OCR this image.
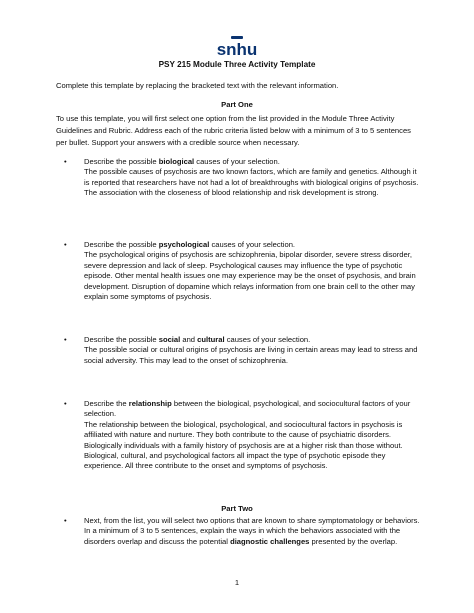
snhu
PSY 215 Module Three Activity Template
Complete this template by replacing the bracketed text with the relevant information.
Part One
To use this template, you will first select one option from the list provided in the Module Three Activity Guidelines and Rubric. Address each of the rubric criteria listed below with a minimum of 3 to 5 sentences per bullet. Support your answers with a credible source when necessary.
• Describe the possible biological causes of your selection.

The possible causes of psychosis are two known factors, which are family and genetics. Although it is reported that researchers have not had a lot of breakthroughs with biological origins of psychosis. The association with the closeness of blood relationship and risk development is strong.

• Describe the possible psychological causes of your selection.

The psychological origins of psychosis are schizophrenia, bipolar disorder, severe stress disorder, severe depression and lack of sleep. Psychological causes may influence the type of psychotic episode. Other mental health issues one may experience may be the onset of psychosis, and brain development. Disruption of dopamine which relays information from one brain cell to the other may explain some symptoms of psychosis.

• Describe the possible social and cultural causes of your selection.

The possible social or cultural origins of psychosis are living in certain areas may lead to stress and social adversity. This may lead to the onset of schizophrenia.

• Describe the relationship between the biological, psychological, and sociocultural factors of your selection.

The relationship between the biological, psychological, and sociocultural factors in psychosis is affiliated with nature and nurture. They both contribute to the cause of psychiatric disorders. Biologically individuals with a family history of psychosis are at a higher risk than those without. Biological, cultural, and psychological factors all impact the type of psychotic episode they experience. All three contribute to the onset and symptoms of psychosis.

Part Two
• Next, from the list, you will select two options that are known to share symptomatology or behaviors. In a minimum of 3 to 5 sentences, explain the ways in which the behaviors associated with the disorders overlap and discuss the potential diagnostic challenges presented by the overlap.

1
